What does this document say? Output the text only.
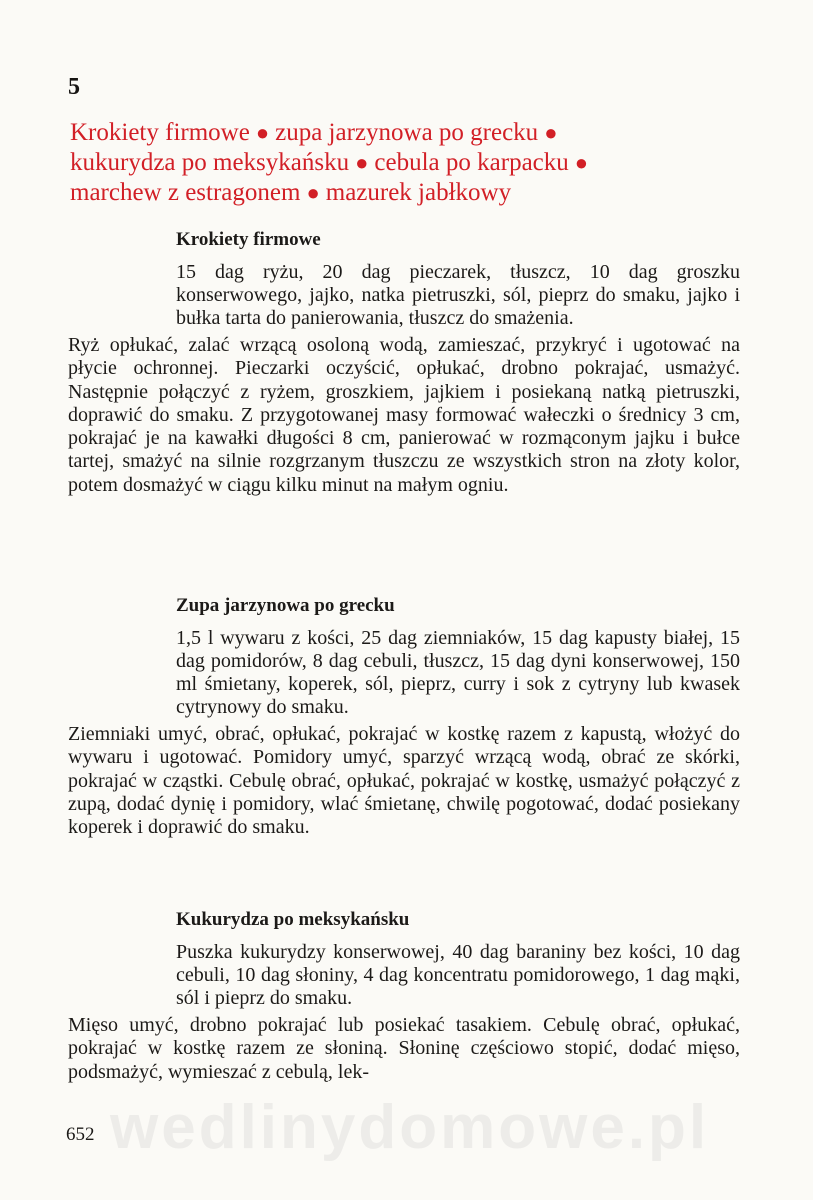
5
Krokiety firmowe ● zupa jarzynowa po grecku ●
kukurydza po meksykańsku ● cebula po karpacku ●
marchew z estragonem ● mazurek jabłkowy
Krokiety firmowe
15 dag ryżu, 20 dag pieczarek, tłuszcz, 10 dag groszku konserwowego, jajko, natka pietruszki, sól, pieprz do smaku, jajko i bułka tarta do panierowania, tłuszcz do smażenia.
Ryż opłukać, zalać wrzącą osoloną wodą, zamieszać, przykryć i ugotować na płycie ochronnej. Pieczarki oczyścić, opłukać, drobno pokrajać, usmażyć. Następnie połączyć z ryżem, groszkiem, jajkiem i posiekaną natką pietruszki, doprawić do smaku. Z przygotowanej masy formować wałeczki o średnicy 3 cm, pokrajać je na kawałki długości 8 cm, panierować w rozmąconym jajku i bułce tartej, smażyć na silnie rozgrzanym tłuszczu ze wszystkich stron na złoty kolor, potem dosmażyć w ciągu kilku minut na małym ogniu.
Zupa jarzynowa po grecku
1,5 l wywaru z kości, 25 dag ziemniaków, 15 dag kapusty białej, 15 dag pomidorów, 8 dag cebuli, tłuszcz, 15 dag dyni konserwowej, 150 ml śmietany, koperek, sól, pieprz, curry i sok z cytryny lub kwasek cytrynowy do smaku.
Ziemniaki umyć, obrać, opłukać, pokrajać w kostkę razem z kapustą, włożyć do wywaru i ugotować. Pomidory umyć, sparzyć wrzącą wodą, obrać ze skórki, pokrajać w cząstki. Cebulę obrać, opłukać, pokrajać w kostkę, usmażyć połączyć z zupą, dodać dynię i pomidory, wlać śmietanę, chwilę pogotować, dodać posiekany koperek i doprawić do smaku.
Kukurydza po meksykańsku
Puszka kukurydzy konserwowej, 40 dag baraniny bez kości, 10 dag cebuli, 10 dag słoniny, 4 dag koncentratu pomidorowego, 1 dag mąki, sól i pieprz do smaku.
Mięso umyć, drobno pokrajać lub posiekać tasakiem. Cebulę obrać, opłukać, pokrajać w kostkę razem ze słoniną. Słoninę częściowo stopić, dodać mięso, podsmażyć, wymieszać z cebulą, lek-
wedlinydomowe.pl
652
